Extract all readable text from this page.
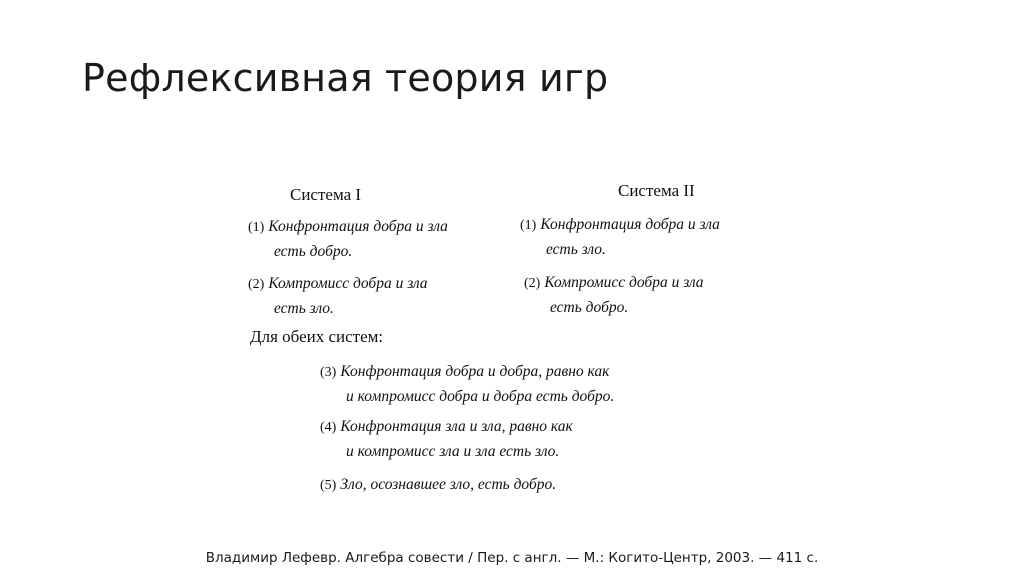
Рефлексивная теория игр
Система I
(1) Конфронтация добра и зла
есть добро.
(2) Компромисс добра и зла
есть зло.
Система II
(1) Конфронтация добра и зла
есть зло.
(2) Компромисс добра и зла
есть добро.
Для обеих систем:
(3) Конфронтация добра и добра, равно как
и компромисс добра и добра есть добро.
(4) Конфронтация зла и зла, равно как
и компромисс зла и зла есть зло.
(5) Зло, осознавшее зло, есть добро.
Владимир Лефевр. Алгебра совести / Пер. с англ. — М.: Когито-Центр, 2003. — 411 с.
